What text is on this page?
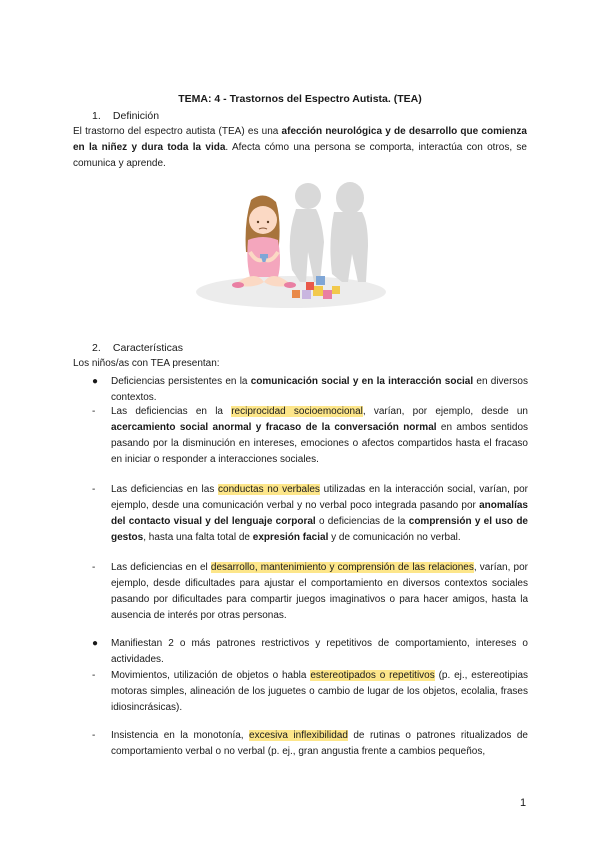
TEMA: 4 - Trastornos del Espectro Autista. (TEA)
1. Definición
El trastorno del espectro autista (TEA) es una afección neurológica y de desarrollo que comienza en la niñez y dura toda la vida. Afecta cómo una persona se comporta, interactúa con otros, se comunica y aprende.
2. Características
Los niños/as con TEA presentan:
●	Deficiencias persistentes en la comunicación social y en la interacción social en diversos contextos.
-	Las deficiencias en la reciprocidad socioemocional, varían, por ejemplo, desde un acercamiento social anormal y fracaso de la conversación normal en ambos sentidos pasando por la disminución en intereses, emociones o afectos compartidos hasta el fracaso en iniciar o responder a interacciones sociales.
-	Las deficiencias en las conductas no verbales utilizadas en la interacción social, varían, por ejemplo, desde una comunicación verbal y no verbal poco integrada pasando por anomalías del contacto visual y del lenguaje corporal o deficiencias de la comprensión y el uso de gestos, hasta una falta total de expresión facial y de comunicación no verbal.
-	Las deficiencias en el desarrollo, mantenimiento y comprensión de las relaciones, varían, por ejemplo, desde dificultades para ajustar el comportamiento en diversos contextos sociales pasando por dificultades para compartir juegos imaginativos o para hacer amigos, hasta la ausencia de interés por otras personas.
●	Manifiestan 2 o más patrones restrictivos y repetitivos de comportamiento, intereses o actividades.
-	Movimientos, utilización de objetos o habla estereotipados o repetitivos (p. ej., estereotipias motoras simples, alineación de los juguetes o cambio de lugar de los objetos, ecolalia, frases idiosincrásicas).
-	Insistencia en la monotonía, excesiva inflexibilidad de rutinas o patrones ritualizados de comportamiento verbal o no verbal (p. ej., gran angustia frente a cambios pequeños,
1
